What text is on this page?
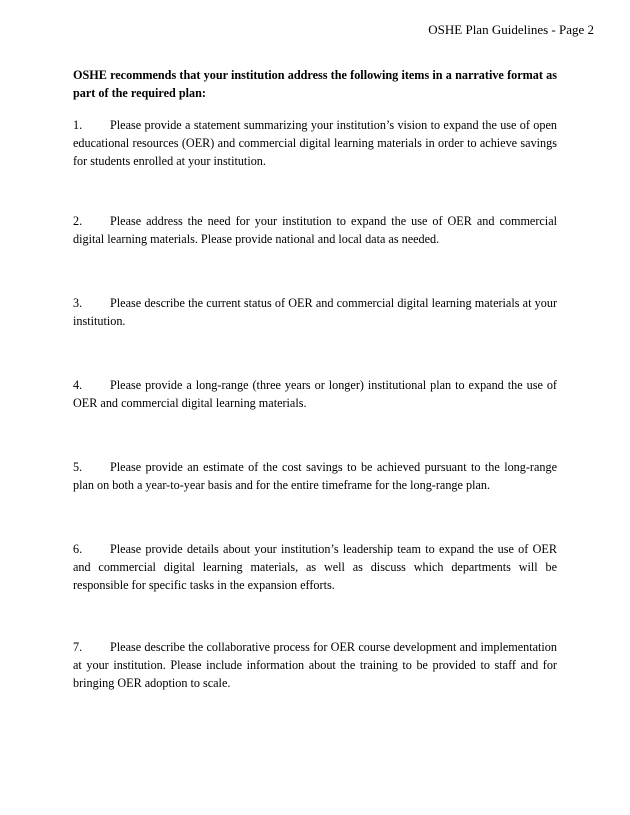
OSHE Plan Guidelines - Page 2

OSHE recommends that your institution address the following items in a narrative format as part of the required plan:

1. Please provide a statement summarizing your institution’s vision to expand the use of open educational resources (OER) and commercial digital learning materials in order to achieve savings for students enrolled at your institution.

2. Please address the need for your institution to expand the use of OER and commercial digital learning materials. Please provide national and local data as needed.

3. Please describe the current status of OER and commercial digital learning materials at your institution.

4. Please provide a long-range (three years or longer) institutional plan to expand the use of OER and commercial digital learning materials.

5. Please provide an estimate of the cost savings to be achieved pursuant to the long-range plan on both a year-to-year basis and for the entire timeframe for the long-range plan.

6. Please provide details about your institution’s leadership team to expand the use of OER and commercial digital learning materials, as well as discuss which departments will be responsible for specific tasks in the expansion efforts.

7. Please describe the collaborative process for OER course development and implementation at your institution. Please include information about the training to be provided to staff and for bringing OER adoption to scale.
